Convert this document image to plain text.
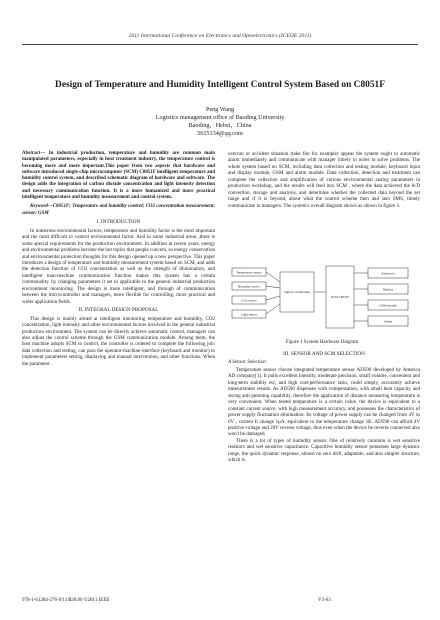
2011 International Conference on Electronics and Optoelectronics (ICEOE 2011)
Design of Temperature and Humidity Intelligent Control System Based on C8051F
Peng Wang
Logistics management office of Baoding University
Baoding，Hebei，China
5615134@qq.com

Abstract— In industrial production, temperature and humidity are common main manipulated parameters, especially in heat treatment industry, the temperature control is becoming more and more important.This paper from two aspects that hardware and software introduced single-chip microcomputer (SCM) C8051F intelligent temperature and humidity control system, and described schematic diagram of hardware and software. The design adds the integration of carbon dioxide concentration and light intensity detection and necessary communication function. It is a more humanized and more practical intelligent temperature and humidity measurement and control system.

Keyword—C8051F; Temperature and humidity control; CO2 concentration measurement; sensor; GSM

I. INTRODUCTION

In numerous environmental factors, temperature and humidity factor is the most important and the most difficult to control environmental factor. And in some industrial areas ,there is some special requirements for the production environment. In addition in recent years, energy and environmental problems become the hot topics that people concern, so energy conservation and environmental protection thoughts for this design opened up a new perspective. This paper introduces a design of temperature and humidity measurement system based on SCM, and adds the detection function of CO2 concentration as well as the strength of illumination, and intelligent man-machine communication function makes this system has a certain commonality. by changing parameters it set to applicable to the general industrial production environment monitoring. The design is more intelligent, and through of communication between the microcontroller and managers, more flexible for controlling, more practical and wider application fields.

II. INTEGRAL DESIGN PROPOSAL

This design is mainly aimed at intelligent monitoring temperature and humidity, CO2 concentration, light intensity and other environmental factors involved in the general industrial production environment. The system can be directly achieve automatic control, managers can also adjust the control scheme through the GSM communication module. Among them, the host machine adopts SCM to control, the controller is ordered to complete the following job: data collection and testing, can pass the operator-machine-interface (keyboard and monitor) to implement parameters setting, displaying and manual intervention, and other functions. When the parameter

overrun or accident situation (take fire for example) appear the system ought to automatic alarm immediately and communicate with manager timely in order to solve problems. The whole system based on SCM, including data collection and testing module, keyboard input and display module, GSM and alarm module. Data collection, detection and treatment can complete the collection and amplification of various environmental analog parameters in production workshop, and the results will feed into SCM , where the data achieved the A/D convertion, storage and analysis, and determine whether the collected data beyond the set range and if it is beyond, about what the control scheme then and sent SMS, timely communicate to managers. The system's overall diagram shown as shown in figure 1.

Temperature sensor
Humidity sensor
CO2 sensor
Light sensor
Signal conditioning
SCM C8051F
Keyboard
Display
GSM module
Alarm
Figure 1 System Hardware Diagram
III. SENSOR AND SCM SELECTION
A Sensor Selection

Temperature sensor choose integrated temperature sensor AD590 developed by America AD company[1]. It pulls excellent linearity, moderate precision, small volume, convenient and long-term stability etc, and high cost-performance ratio, could simply, accurately achieve measurement results. As AD590 dispenses with compensation, with small heat capacity and strong anti-jamming capability, therefore the application of distance measuring temperature is very convenient. When tested temperature is a certain value, the device is equivalent to a constant current source, with high measurement accuracy, and possesses the characteristics of power supply fluctuation elimination. Its voltage of power supply can be changed from 4V to 6V , current It change 1μA, equivalent to the temperature change 1K. AD590 can afford 4V positive voltage and 20V reverse voltage, thus even when the device be reverse connected also won't be damaged.

There is a lot of types of humidity sensor. One of relatively common is wet sensitive resistors and wet sensitive capacitance. Capacitive humidity sensor possesses large dynamic range, the quick dynamic response, almost no zero drift, adaptable, and also simpler structure, which is

978-1-61284-276-9/11/$26.00 ©2011 IEEE	V3-63
